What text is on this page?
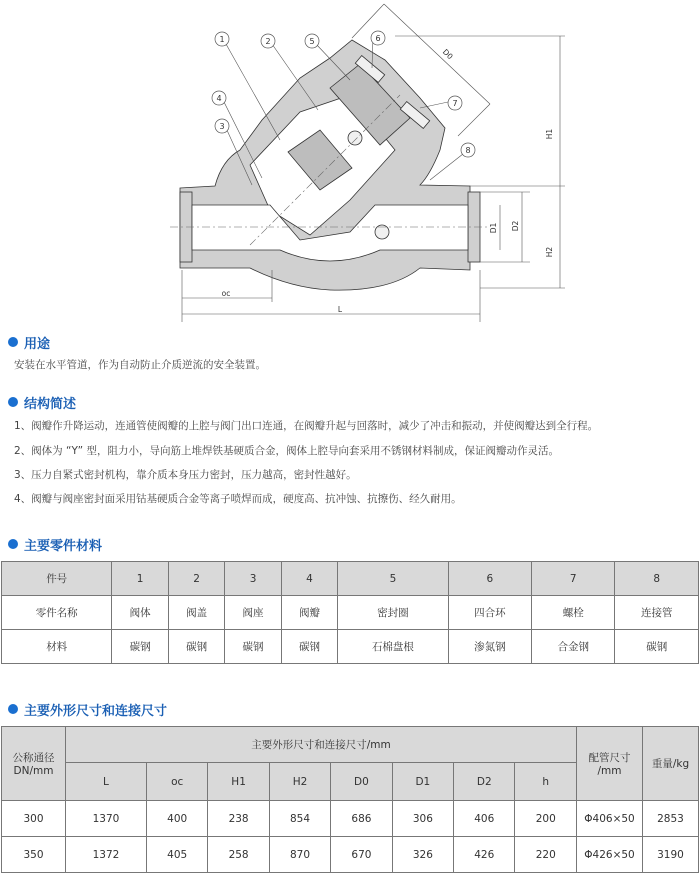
1	2	5	6
4
3
7
8
D0
H1
H2
D1 D2
oc
L
用途
安装在水平管道，作为自动防止介质逆流的安全装置。
结构简述
1、阀瓣作升降运动，连通管使阀瓣的上腔与阀门出口连通，在阀瓣升起与回落时，减少了冲击和振动，并使阀瓣达到全行程。
2、阀体为 “Y” 型，阻力小，导向筋上堆焊铁基硬质合金，阀体上腔导向套采用不锈钢材料制成，保证阀瓣动作灵活。
3、压力自紧式密封机构，靠介质本身压力密封，压力越高，密封性越好。
4、阀瓣与阀座密封面采用钴基硬质合金等离子喷焊而成，硬度高、抗冲蚀、抗擦伤、经久耐用。
主要零件材料
件号	1	2	3	4	5	6	7	8
零件名称	阀体	阀盖	阀座	阀瓣	密封圈	四合环	螺栓	连接管
材料	碳钢	碳钢	碳钢	碳钢	石棉盘根	渗氮钢	合金钢	碳钢
主要外形尺寸和连接尺寸
公称通径 DN/mm	主要外形尺寸和连接尺寸/mm								配管尺寸 /mm	重量/kg
	L	oc	H1	H2	D0	D1	D2	h		
300	1370	400	238	854	686	306	406	200	Φ406×50	2853
350	1372	405	258	870	670	326	426	220	Φ426×50	3190
